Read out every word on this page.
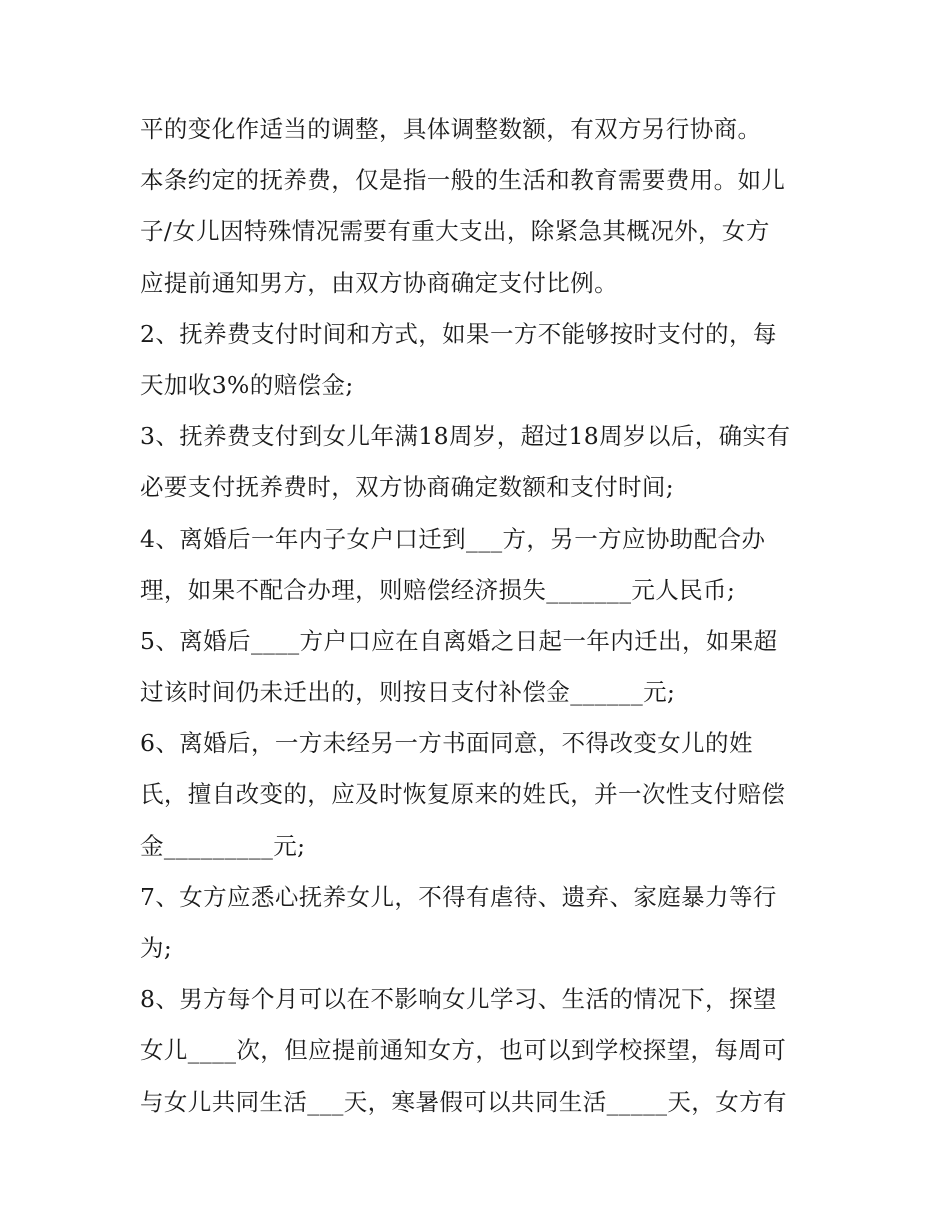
平的变化作适当的调整，具体调整数额，有双方另行协商。
本条约定的抚养费，仅是指一般的生活和教育需要费用。如儿
子/女儿因特殊情况需要有重大支出，除紧急其概况外，女方
应提前通知男方，由双方协商确定支付比例。
2、抚养费支付时间和方式，如果一方不能够按时支付的，每
天加收3%的赔偿金;
3、抚养费支付到女儿年满18周岁，超过18周岁以后，确实有
必要支付抚养费时，双方协商确定数额和支付时间;
4、离婚后一年内子女户口迁到___方，另一方应协助配合办
理，如果不配合办理，则赔偿经济损失_______元人民币;
5、离婚后____方户口应在自离婚之日起一年内迁出，如果超
过该时间仍未迁出的，则按日支付补偿金______元;
6、离婚后，一方未经另一方书面同意，不得改变女儿的姓
氏，擅自改变的，应及时恢复原来的姓氏，并一次性支付赔偿
金_________元;
7、女方应悉心抚养女儿，不得有虐待、遗弃、家庭暴力等行
为;
8、男方每个月可以在不影响女儿学习、生活的情况下，探望
女儿____次，但应提前通知女方，也可以到学校探望，每周可
与女儿共同生活___天，寒暑假可以共同生活_____天，女方有
